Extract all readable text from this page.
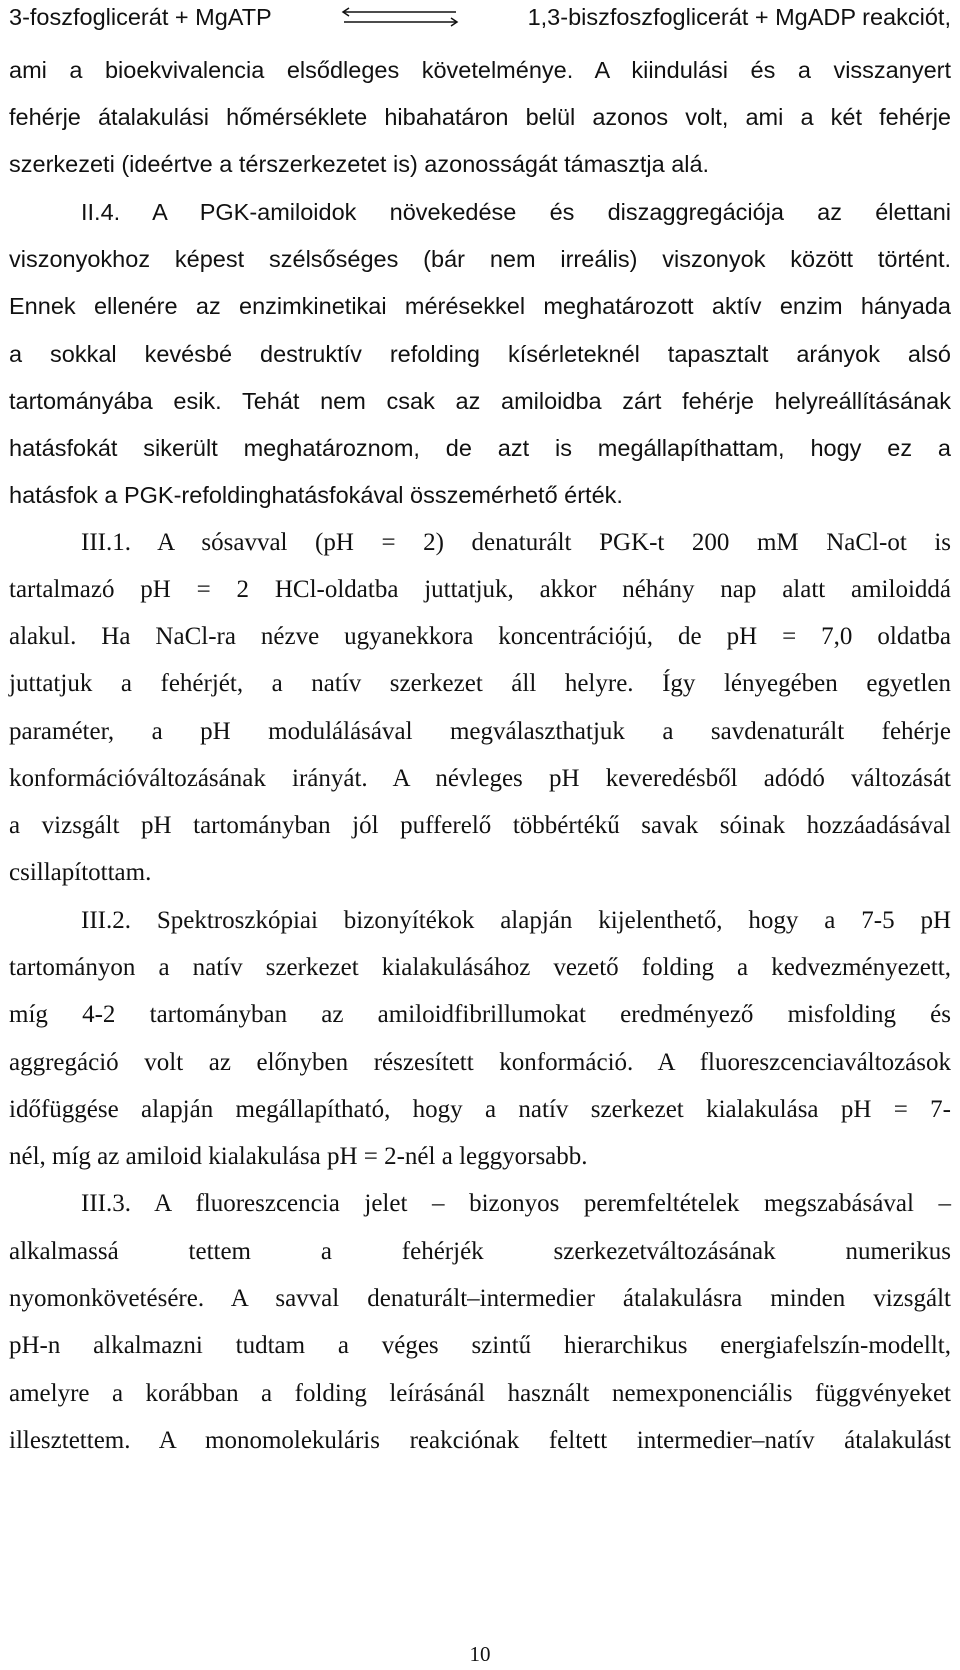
3-foszfoglicerát + MgATP	1,3-biszfoszfoglicerát + MgADP reakciót,
ami a bioekvivalencia elsődleges követelménye. A kiindulási és a visszanyert
fehérje átalakulási hőmérséklete hibahatáron belül azonos volt, ami a két fehérje
szerkezeti (ideértve a térszerkezetet is) azonosságát támasztja alá.
II.4. A PGK-amiloidok növekedése és diszaggregációja az élettani
viszonyokhoz képest szélsőséges (bár nem irreális) viszonyok között történt.
Ennek ellenére az enzimkinetikai mérésekkel meghatározott aktív enzim hányada
a sokkal kevésbé destruktív refolding kísérleteknél tapasztalt arányok alsó
tartományába esik. Tehát nem csak az amiloidba zárt fehérje helyreállításának
hatásfokát sikerült meghatároznom, de azt is megállapíthattam, hogy ez a
hatásfok a PGK-refoldinghatásfokával összemérhető érték.
III.1. A sósavval (pH = 2) denaturált PGK-t 200 mM NaCl-ot is
tartalmazó pH = 2 HCl-oldatba juttatjuk, akkor néhány nap alatt amiloiddá
alakul. Ha NaCl-ra nézve ugyanekkora koncentrációjú, de pH = 7,0 oldatba
juttatjuk a fehérjét, a natív szerkezet áll helyre. Így lényegében egyetlen
paraméter, a pH modulálásával megválaszthatjuk a savdenaturált fehérje
konformációváltozásának irányát. A névleges pH keveredésből adódó változását
a vizsgált pH tartományban jól pufferelő többértékű savak sóinak hozzáadásával
csillapítottam.
III.2. Spektroszkópiai bizonyítékok alapján kijelenthető, hogy a 7-5 pH
tartományon a natív szerkezet kialakulásához vezető folding a kedvezményezett,
míg 4-2 tartományban az amiloidfibrillumokat eredményező misfolding és
aggregáció volt az előnyben részesített konformáció. A fluoreszcenciaváltozások
időfüggése alapján megállapítható, hogy a natív szerkezet kialakulása pH = 7-
nél, míg az amiloid kialakulása pH = 2-nél a leggyorsabb.
III.3. A fluoreszcencia jelet – bizonyos peremfeltételek megszabásával –
alkalmassá tettem a fehérjék szerkezetváltozásának numerikus
nyomonkövetésére. A savval denaturált–intermedier átalakulásra minden vizsgált
pH-n alkalmazni tudtam a véges szintű hierarchikus energiafelszín-modellt,
amelyre a korábban a folding leírásánál használt nemexponenciális függvényeket
illesztettem. A monomolekuláris reakciónak feltett intermedier–natív átalakulást
10
